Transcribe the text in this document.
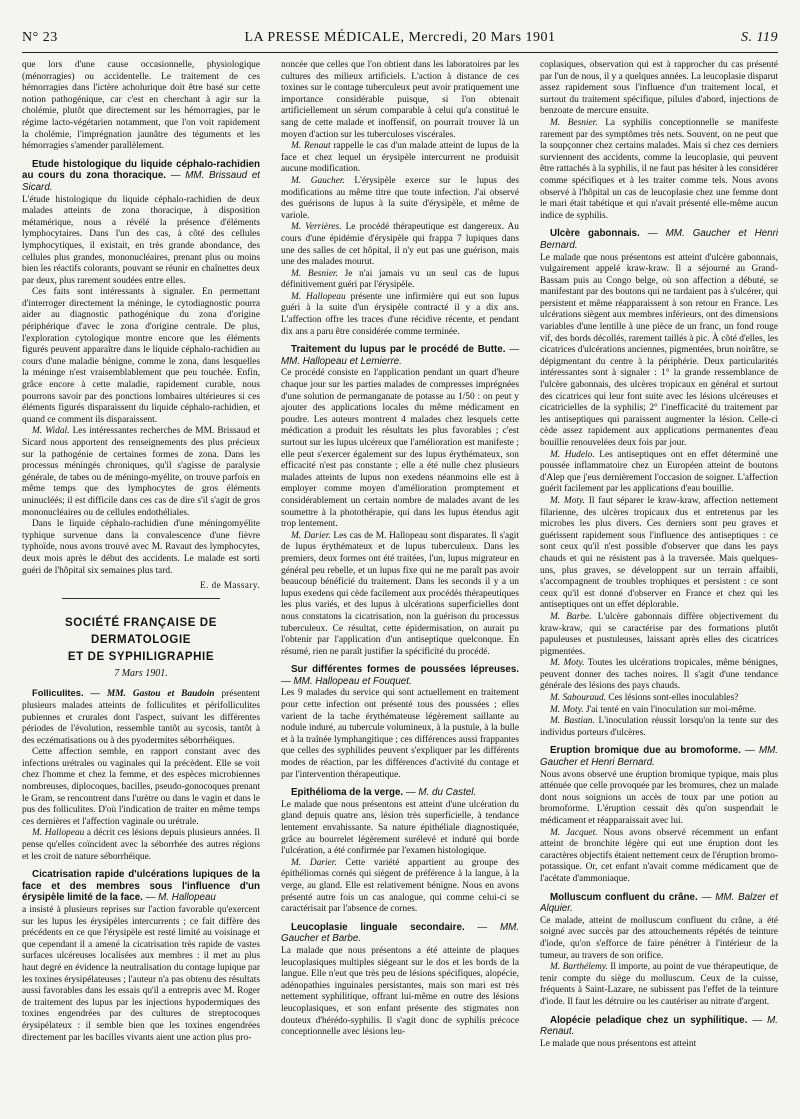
N° 23	LA PRESSE MÉDICALE, Mercredi, 20 Mars 1901	S. 119

que lors d'une cause occasionnelle, physiologique (ménorragies) ou accidentelle. Le traitement de ces hémorragies dans l'ictère acholurique doit être basé sur cette notion pathogénique, car c'est en cherchant à agir sur la cholémie, plutôt que directement sur les hémorragies, par le régime lacto-végétarien notamment, que l'on voit rapidement la cholémie, l'imprégnation jaunâtre des téguments et les hémorragies s'amender parallèlement.

Etude histologique du liquide céphalo-rachidien au cours du zona thoracique. — MM. Brissaud et Sicard.

L'étude histologique du liquide céphalo-rachidien de deux malades atteints de zona thoracique, à disposition métamérique, nous a révélé la présence d'éléments lymphocytaires. Dans l'un des cas, à côté des cellules lymphocytiques, il existait, en très grande abondance, des cellules plus grandes, mononucléaires, prenant plus ou moins bien les réactifs colorants, pouvant se réunir en chaînettes deux par deux, plus rarement soudées entre elles.

Ces faits sont intéressants à signaler. En permettant d'interroger directement la méninge, le cytodiagnostic pourra aider au diagnostic pathogénique du zona d'origine périphérique d'avec le zona d'origine centrale. De plus, l'exploration cytologique montre encore que les éléments figurés peuvent apparaître dans le liquide céphalo-rachidien au cours d'une maladie bénigne, comme le zona, dans lesquelles la méninge n'est vraisemblablement que peu touchée. Enfin, grâce encore à cette maladie, rapidement curable, nous pourrons savoir par des ponctions lombaires ultérieures si ces éléments figurés disparaissent du liquide céphalo-rachidien, et quand ce comment ils disparaissent.

M. Widal. Les intéressantes recherches de MM. Brissaud et Sicard nous apportent des renseignements des plus précieux sur la pathogénie de certaines formes de zona. Dans les processus méningés chroniques, qu'il s'agisse de paralysie générale, de tabes ou de méningo-myélite, on trouve parfois en même temps que des lymphocytes de gros éléments uninucléés; il est difficile dans ces cas de dire s'il s'agit de gros mononucléaires ou de cellules endothéliales.

Dans le liquide céphalo-rachidien d'une méningomyélite typhique survenue dans la convalescence d'une fièvre typhoïde, nous avons trouvé avec M. Ravaut des lymphocytes, deux mois après le début des accidents. Le malade est sorti guéri de l'hôpital six semaines plus tard.

E. de Massary.
SOCIÉTÉ FRANÇAISE DE DERMATOLOGIE
ET DE SYPHILIGRAPHIE
7 Mars 1901.

Folliculites. — MM. Gastou et Baudoin présentent plusieurs malades atteints de folliculites et périfolliculites pubiennes et crurales dont l'aspect, suivant les différentes périodes de l'évolution, ressemble tantôt au sycosis, tantôt à des eczématisations ou à des pyodermites séborrhéiques.

Cette affection semble, en rapport constant avec des infections urétrales ou vaginales qui la précèdent. Elle se voit chez l'homme et chez la femme, et des espèces microbiennes nombreuses, diplocoques, bacilles, pseudo-gonocoques prenant le Gram, se rencontrent dans l'urètre ou dans le vagin et dans le pus des folliculites. D'où l'indication de traiter en même temps ces dernières et l'affection vaginale ou urétrale.

M. Hallopeau a décrit ces lésions depuis plusieurs années. Il pense qu'elles coïncident avec la séborrhée des autres régions et les croit de nature séborrhéique.

Cicatrisation rapide d'ulcérations lupiques de la face et des membres sous l'influence d'un érysipèle limité de la face. — M. Hallopeau

a insisté à plusieurs reprises sur l'action favorable qu'exercent sur les lupus les érysipèles intercurrents ; ce fait diffère des précédents en ce que l'érysipèle est resté limité au voisinage et que cependant il a amené la cicatrisation très rapide de vastes surfaces ulcéreuses localisées aux membres : il met au plus haut degré en évidence la neutralisation du contage lupique par les toxines érysipélateuses ; l'auteur n'a pas obtenu des résultats aussi favorables dans les essais qu'il a entrepris avec M. Roger de traitement des lupus par les injections hypodermiques des toxines engendrées par des cultures de streptocoques érysipélateux : il semble bien que les toxines engendrées directement par les bacilles vivants aient une action plus pro-

noncée que celles que l'on obtient dans les laboratoires par les cultures des milieux artificiels. L'action à distance de ces toxines sur le contage tuberculeux peut avoir pratiquement une importance considérable puisque, si l'on obtenait artificiellement un sérum comparable à celui qu'a constitué le sang de cette malade et inoffensif, on pourrait trouver là un moyen d'action sur les tuberculoses viscérales.

M. Renaut rappelle le cas d'un malade atteint de lupus de la face et chez lequel un érysipèle intercurrent ne produisit aucune modification.

M. Gaucher. L'érysipèle exerce sur le lupus des modifications au même titre que toute infection. J'ai observé des guérisons de lupus à la suite d'érysipèle, et même de variole.

M. Verrières. Le procédé thérapeutique est dangereux. Au cours d'une épidémie d'érysipèle qui frappa 7 lupiques dans une des salles de cet hôpital, il n'y eut pas une guérison, mais une des malades mourut.

M. Besnier. Je n'ai jamais vu un seul cas de lupus définitivement guéri par l'érysipèle.

M. Hallopeau présente une infirmière qui eut son lupus guéri à la suite d'un érysipèle contracté il y a dix ans. L'affection offre les traces d'une récidive récente, et pendant dix ans a paru être considérée comme terminée.

Traitement du lupus par le procédé de Butte. — MM. Hallopeau et Lemierre.

Ce procédé consiste en l'application pendant un quart d'heure chaque jour sur les parties malades de compresses imprégnées d'une solution de permanganate de potasse au 1/50 : on peut y ajouter des applications locales du même médicament en poudre. Les auteurs montrent 4 malades chez lesquels cette médication a produit les résultats les plus favorables ; c'est surtout sur les lupus ulcéreux que l'amélioration est manifeste ; elle peut s'exercer également sur des lupus érythémateux, son efficacité n'est pas constante ; elle a été nulle chez plusieurs malades atteints de lupus non exedens néanmoins elle est à employer comme moyen d'amélioration promptement et considérablement un certain nombre de malades avant de les soumettre à la photothérapie, qui dans les lupus étendus agit trop lentement.

M. Darier. Les cas de M. Hallopeau sont disparates. Il s'agit de lupus érythémateux et de lupus tuberculeux. Dans les premiers, deux formes ont été traitées, l'un, lupus migrateur en général peu rebelle, et un lupus fixe qui ne me paraît pas avoir beaucoup bénéficié du traitement. Dans les seconds il y a un lupus exedens qui cède facilement aux procédés thérapeutiques les plus variés, et des lupus à ulcérations superficielles dont nous constatons la cicatrisation, non la guérison du processus tuberculeux. Ce résultat, cette épidermisation, on aurait pu l'obtenir par l'application d'un antiseptique quelconque. En résumé, rien ne paraît justifier la spécificité du procédé.

Sur différentes formes de poussées lépreuses. — MM. Hallopeau et Fouquet.

Les 9 malades du service qui sont actuellement en traitement pour cette infection ont présenté tous des poussées ; elles varient de la tache érythémateuse légèrement saillante au nodule induré, au tubercule volumineux, à la pustule, à la bulle et à la traînée lymphangitique ; ces différences aussi frappantes que celles des syphilides peuvent s'expliquer par les différents modes de réaction, par les différences d'activité du contage et par l'intervention thérapeutique.

Epithélioma de la verge. — M. du Castel.

Le malade que nous présentons est atteint d'une ulcération du gland depuis quatre ans, lésion très superficielle, à tendance lentement envahissante. Sa nature épithéliale diagnostiquée, grâce au bourrelet légèrement surélevé et induré qui borde l'ulcération, a été confirmée par l'examen histologique.

M. Darier. Cette variété appartient au groupe des épithéliomas cornés qui siègent de préférence à la langue, à la verge, au gland. Elle est relativement bénigne. Nous en avons présenté autre fois un cas analogue, qui comme celui-ci se caractérisait par l'absence de cornes.

Leucoplasie linguale secondaire. — MM. Gaucher et Barbe.

La malade que nous présentons a été atteinte de plaques leucoplasiques multiples siégeant sur le dos et les bords de la langue. Elle n'eut que très peu de lésions spécifiques, alopécie, adénopathies inguinales persistantes, mais son mari est très nettement syphilitique, offrant lui-même en outre des lésions leucoplasiques, et son enfant présente des stigmates non douteux d'hérédo-syphilis. Il s'agit donc de syphilis précoce conceptionnelle avec lésions leu-

coplasiques, observation qui est à rapprocher du cas présenté par l'un de nous, il y a quelques années. La leucoplasie disparut assez rapidement sous l'influence d'un traitement local, et surtout du traitement spécifique, pilules d'abord, injections de benzoate de mercure ensuite.

M. Besnier. La syphilis conceptionnelle se manifeste rarement par des symptômes très nets. Souvent, on ne peut que la soupçonner chez certains malades. Mais si chez ces derniers surviennent des accidents, comme la leucoplasie, qui peuvent être rattachés à la syphilis, il ne faut pas hésiter à les considérer comme spécifiques et à les traiter comme tels. Nous avons observé à l'hôpital un cas de leucoplasie chez une femme dont le mari était tabétique et qui n'avait présenté elle-même aucun indice de syphilis.

Ulcère gabonnais. — MM. Gaucher et Henri Bernard.

Le malade que nous présentons est atteint d'ulcère gabonnais, vulgairement appelé kraw-kraw. Il a séjourné au Grand-Bassam puis au Congo belge, où son affection a débuté, se manifestant par des boutons qui ne tardaient pas à s'ulcérer, qui persistent et même réapparaissent à son retour en France. Les ulcérations siègent aux membres inférieurs, ont des dimensions variables d'une lentille à une pièce de un franc, un fond rouge vif, des bords décollés, rarement taillés à pic. À côté d'elles, les cicatrices d'ulcérations anciennes, pigmentées, brun noirâtre, se dépigmentant du centre à la périphérie. Deux particularités intéressantes sont à signaler : 1° la grande ressemblance de l'ulcère gabonnais, des ulcères tropicaux en général et surtout des cicatrices qui leur font suite avec les lésions ulcéreuses et cicatricielles de la syphilis; 2° l'inefficacité du traitement par les antiseptiques qui paraissent augmenter la lésion. Celle-ci cède assez rapidement aux applications permanentes d'eau bouillie renouvelées deux fois par jour.

M. Hudelo. Les antiseptiques ont en effet déterminé une poussée inflammatoire chez un Européen atteint de boutons d'Alep que j'eus dernièrement l'occasion de soigner. L'affection guérit facilement par les applications d'eau bouillie.

M. Moty. Il faut séparer le kraw-kraw, affection nettement filarienne, des ulcères tropicaux dus et entretenus par les microbes les plus divers. Ces derniers sont peu graves et guérissent rapidement sous l'influence des antiseptiques : ce sont ceux qu'il n'est possible d'observer que dans les pays chauds et qui ne résistent pas à la traversée. Mais quelques-uns, plus graves, se développent sur un terrain affaibli, s'accompagnent de troubles trophiques et persistent : ce sont ceux qu'il est donné d'observer en France et chez qui les antiseptiques ont un effet déplorable.

M. Barbe. L'ulcère gabonnais diffère objectivement du kraw-kraw, qui se caractérise par des formations plutôt papuleuses et pustuleuses, laissant après elles des cicatrices pigmentées.

M. Moty. Toutes les ulcérations tropicales, même bénignes, peuvent donner des taches noires. Il s'agit d'une tendance générale des lésions des pays chauds.

M. Sabouraud. Ces lésions sont-elles inoculables?

M. Moty. J'ai tenté en vain l'inoculation sur moi-même.

M. Bastian. L'inoculation réussit lorsqu'on la tente sur des individus porteurs d'ulcères.

Eruption bromique due au bromoforme. — MM. Gaucher et Henri Bernard.

Nous avons observé une éruption bromique typique, mais plus atténuée que celle provoquée par les bromures, chez un malade dont nous soignions un accès de toux par une potion au bromoforme. L'éruption cessait dès qu'on suspendait le médicament et réapparaissait avec lui.

M. Jacquet. Nous avons observé récemment un enfant atteint de bronchite légère qui eut une éruption dont les caractères objectifs étaient nettement ceux de l'éruption bromo-potassique. Or, cet enfant n'avait comme médicament que de l'acétate d'ammoniaque.

Molluscum confluent du crâne. — MM. Balzer et Alquier.

Ce malade, atteint de molluscum confluent du crâne, a été soigné avec succès par des attouchements répétés de teinture d'iode, qu'on s'efforce de faire pénétrer à l'intérieur de la tumeur, au travers de son orifice.

M. Barthélemy. Il importe, au point de vue thérapeutique, de tenir compte du siège du molluscum. Ceux de la cuisse, fréquents à Saint-Lazare, ne subissent pas l'effet de la teinture d'iode. Il faut les détruire ou les cautériser au nitrate d'argent.

Alopécie peladique chez un syphilitique. — M. Renaut.

Le malade que nous présentons est atteint
